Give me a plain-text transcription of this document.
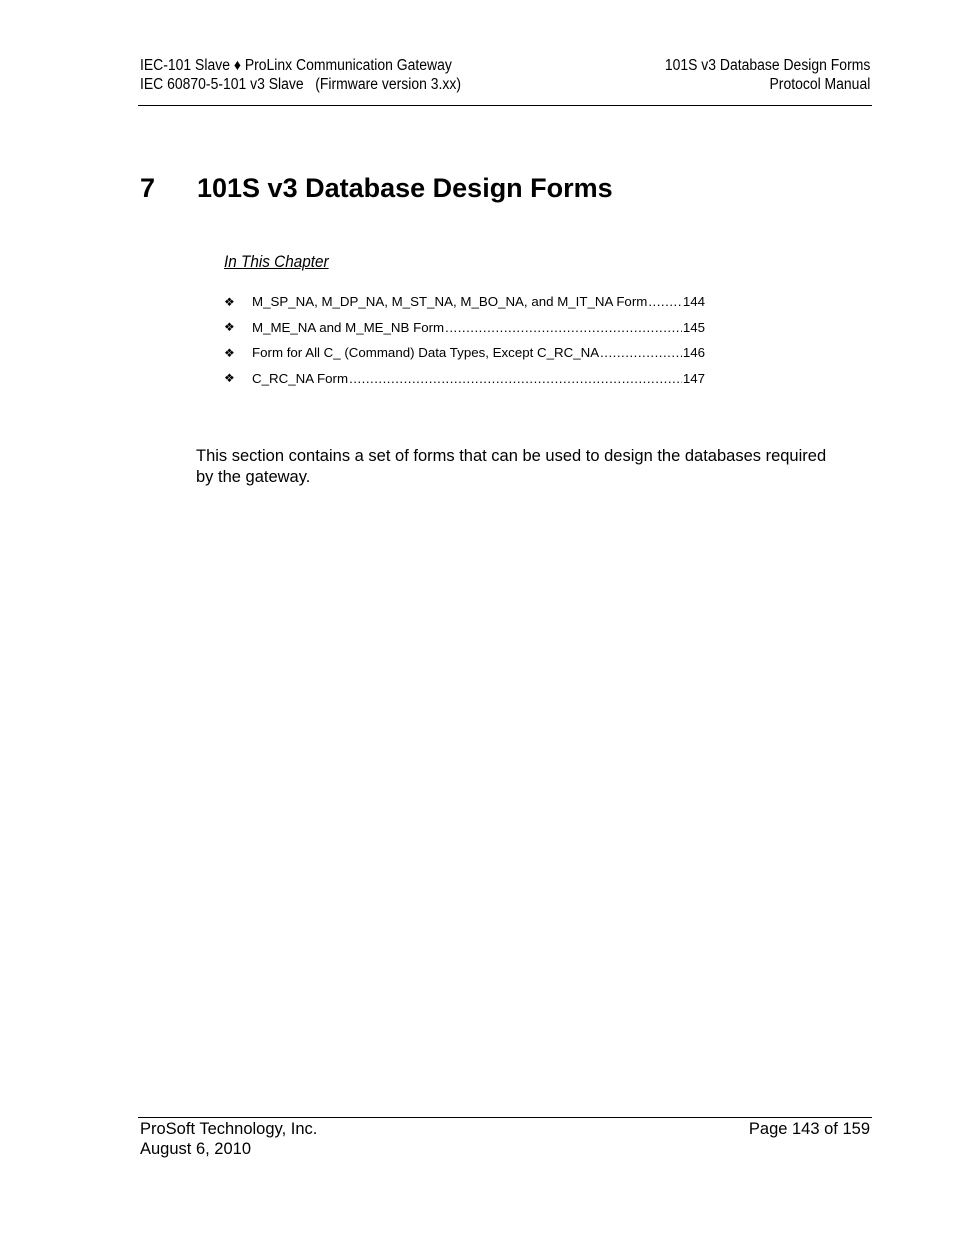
IEC-101 Slave ♦ ProLinx Communication Gateway
IEC 60870-5-101 v3 Slave   (Firmware version 3.xx)
101S v3 Database Design Forms
Protocol Manual
7 101S v3 Database Design Forms
In This Chapter
❖	M_SP_NA, M_DP_NA, M_ST_NA, M_BO_NA, and M_IT_NA Form .....	144
❖	M_ME_NA and M_ME_NB Form .....	145
❖	Form for All C_ (Command) Data Types, Except C_RC_NA .....	146
❖	C_RC_NA Form .....	147
This section contains a set of forms that can be used to design the databases required by the gateway.
ProSoft Technology, Inc.
August 6, 2010
Page 143 of 159
